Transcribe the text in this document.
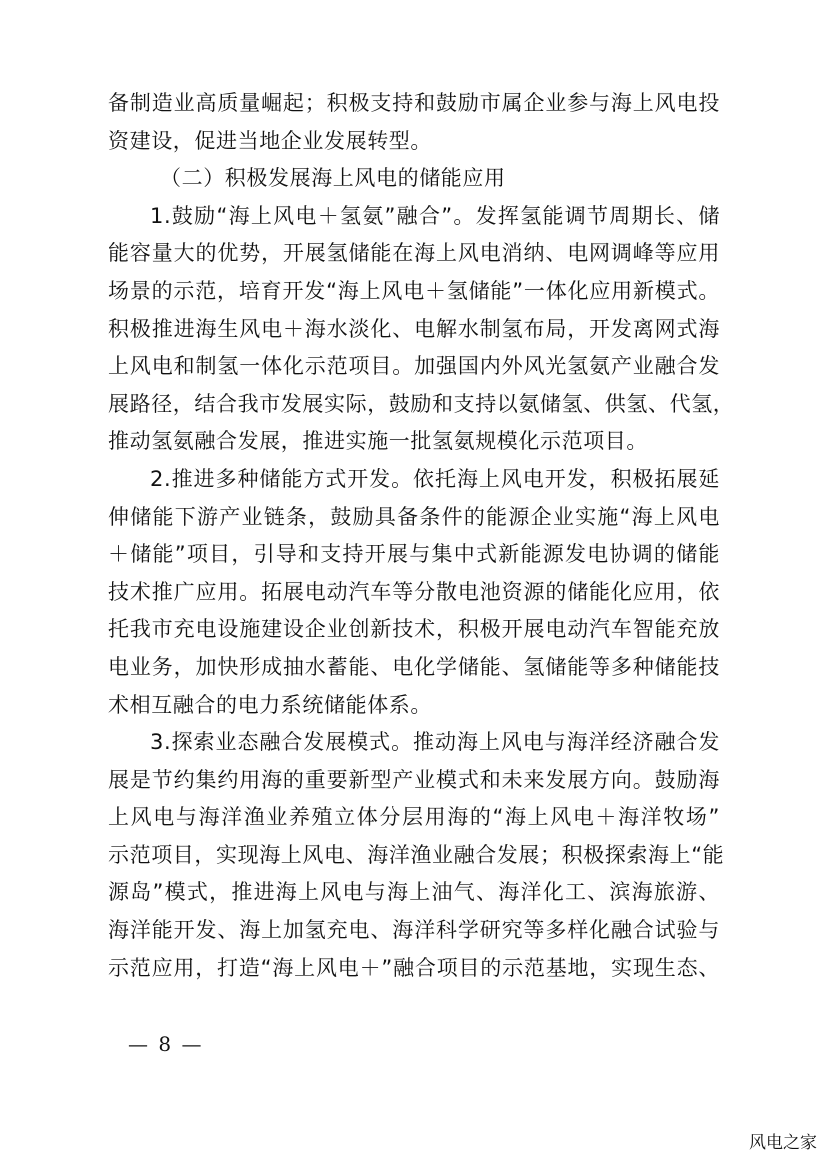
备制造业高质量崛起；积极支持和鼓励市属企业参与海上风电投
资建设，促进当地企业发展转型。
（二）积极发展海上风电的储能应用
1.鼓励“海上风电＋氢氨”融合”。发挥氢能调节周期长、储
能容量大的优势，开展氢储能在海上风电消纳、电网调峰等应用
场景的示范，培育开发“海上风电＋氢储能”一体化应用新模式。
积极推进海生风电＋海水淡化、电解水制氢布局，开发离网式海
上风电和制氢一体化示范项目。加强国内外风光氢氨产业融合发
展路径，结合我市发展实际，鼓励和支持以氨储氢、供氢、代氢，
推动氢氨融合发展，推进实施一批氢氨规模化示范项目。
2.推进多种储能方式开发。依托海上风电开发，积极拓展延
伸储能下游产业链条，鼓励具备条件的能源企业实施“海上风电
＋储能”项目，引导和支持开展与集中式新能源发电协调的储能
技术推广应用。拓展电动汽车等分散电池资源的储能化应用，依
托我市充电设施建设企业创新技术，积极开展电动汽车智能充放
电业务，加快形成抽水蓄能、电化学储能、氢储能等多种储能技
术相互融合的电力系统储能体系。
3.探索业态融合发展模式。推动海上风电与海洋经济融合发
展是节约集约用海的重要新型产业模式和未来发展方向。鼓励海
上风电与海洋渔业养殖立体分层用海的“海上风电＋海洋牧场”
示范项目，实现海上风电、海洋渔业融合发展；积极探索海上“能
源岛”模式，推进海上风电与海上油气、海洋化工、滨海旅游、
海洋能开发、海上加氢充电、海洋科学研究等多样化融合试验与
示范应用，打造“海上风电＋”融合项目的示范基地，实现生态、
— 8 —
风电之家
